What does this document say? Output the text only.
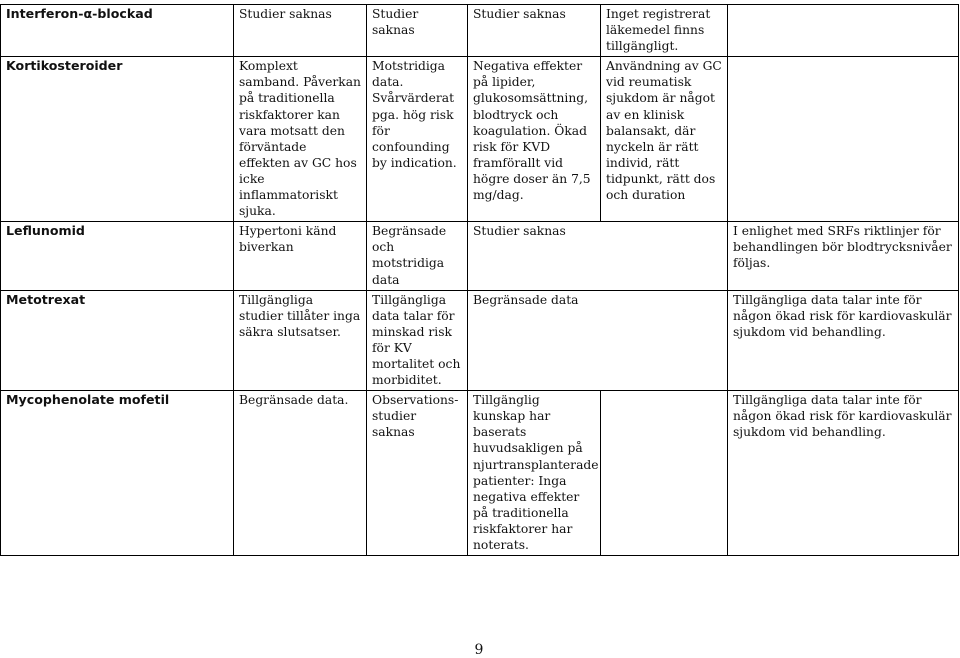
Interferon-α-blockad	Studier saknas	Studier saknas	Studier saknas	Inget registrerat läkemedel finns tillgängligt.	
Kortikosteroider	Komplext samband. Påverkan på traditionella riskfaktorer kan vara motsatt den förväntade effekten av GC hos icke inflammatoriskt sjuka.	Motstridiga data. Svårvärderat pga. hög risk för confounding by indication.	Negativa effekter på lipider, glukosomsättning, blodtryck och koagulation. Ökad risk för KVD framförallt vid högre doser än 7,5 mg/dag.	Användning av GC vid reumatisk sjukdom är något av en klinisk balansakt, där nyckeln är rätt individ, rätt tidpunkt, rätt dos och duration	
Leflunomid	Hypertoni känd biverkan	Begränsade och motstridiga data	Studier saknas		I enlighet med SRFs riktlinjer för behandlingen bör blodtrycksnivåer följas.
Metotrexat	Tillgängliga studier tillåter inga säkra slutsatser.	Tillgängliga data talar för minskad risk för KV mortalitet och morbiditet.	Begränsade data		Tillgängliga data talar inte för någon ökad risk för kardiovaskulär sjukdom vid behandling.
Mycophenolate mofetil	Begränsade data.	Observations-studier saknas	Tillgänglig kunskap har baserats huvudsakligen på njurtransplanterade patienter: Inga negativa effekter på traditionella riskfaktorer har noterats.		Tillgängliga data talar inte för någon ökad risk för kardiovaskulär sjukdom vid behandling.
9
